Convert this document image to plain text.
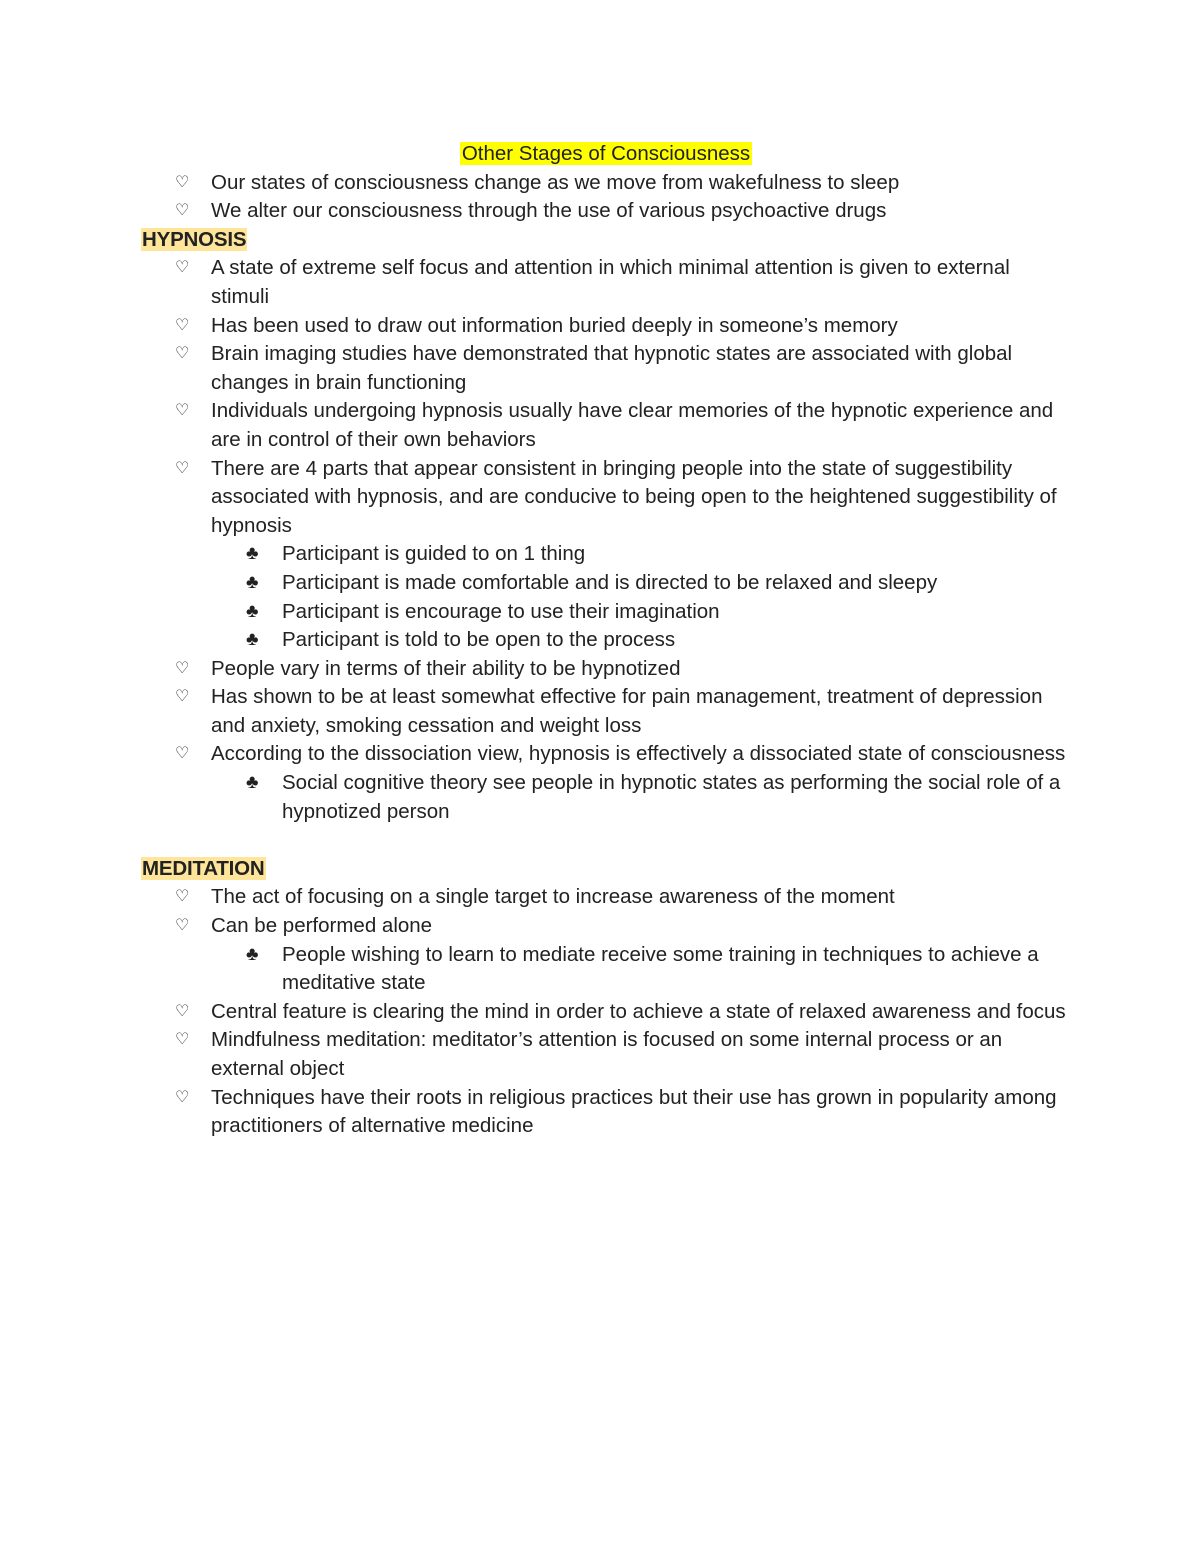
Other Stages of Consciousness
♡ Our states of consciousness change as we move from wakefulness to sleep
♡ We alter our consciousness through the use of various psychoactive drugs
HYPNOSIS
♡ A state of extreme self focus and attention in which minimal attention is given to external stimuli
♡ Has been used to draw out information buried deeply in someone’s memory
♡ Brain imaging studies have demonstrated that hypnotic states are associated with global changes in brain functioning
♡ Individuals undergoing hypnosis usually have clear memories of the hypnotic experience and are in control of their own behaviors
♡ There are 4 parts that appear consistent in bringing people into the state of suggestibility associated with hypnosis, and are conducive to being open to the heightened suggestibility of hypnosis
♣ Participant is guided to on 1 thing
♣ Participant is made comfortable and is directed to be relaxed and sleepy
♣ Participant is encourage to use their imagination
♣ Participant is told to be open to the process
♡ People vary in terms of their ability to be hypnotized
♡ Has shown to be at least somewhat effective for pain management, treatment of depression and anxiety, smoking cessation and weight loss
♡ According to the dissociation view, hypnosis is effectively a dissociated state of consciousness
♣ Social cognitive theory see people in hypnotic states as performing the social role of a hypnotized person
MEDITATION
♡ The act of focusing on a single target to increase awareness of the moment
♡ Can be performed alone
♣ People wishing to learn to mediate receive some training in techniques to achieve a meditative state
♡ Central feature is clearing the mind in order to achieve a state of relaxed awareness and focus
♡ Mindfulness meditation: meditator’s attention is focused on some internal process or an external object
♡ Techniques have their roots in religious practices but their use has grown in popularity among practitioners of alternative medicine
